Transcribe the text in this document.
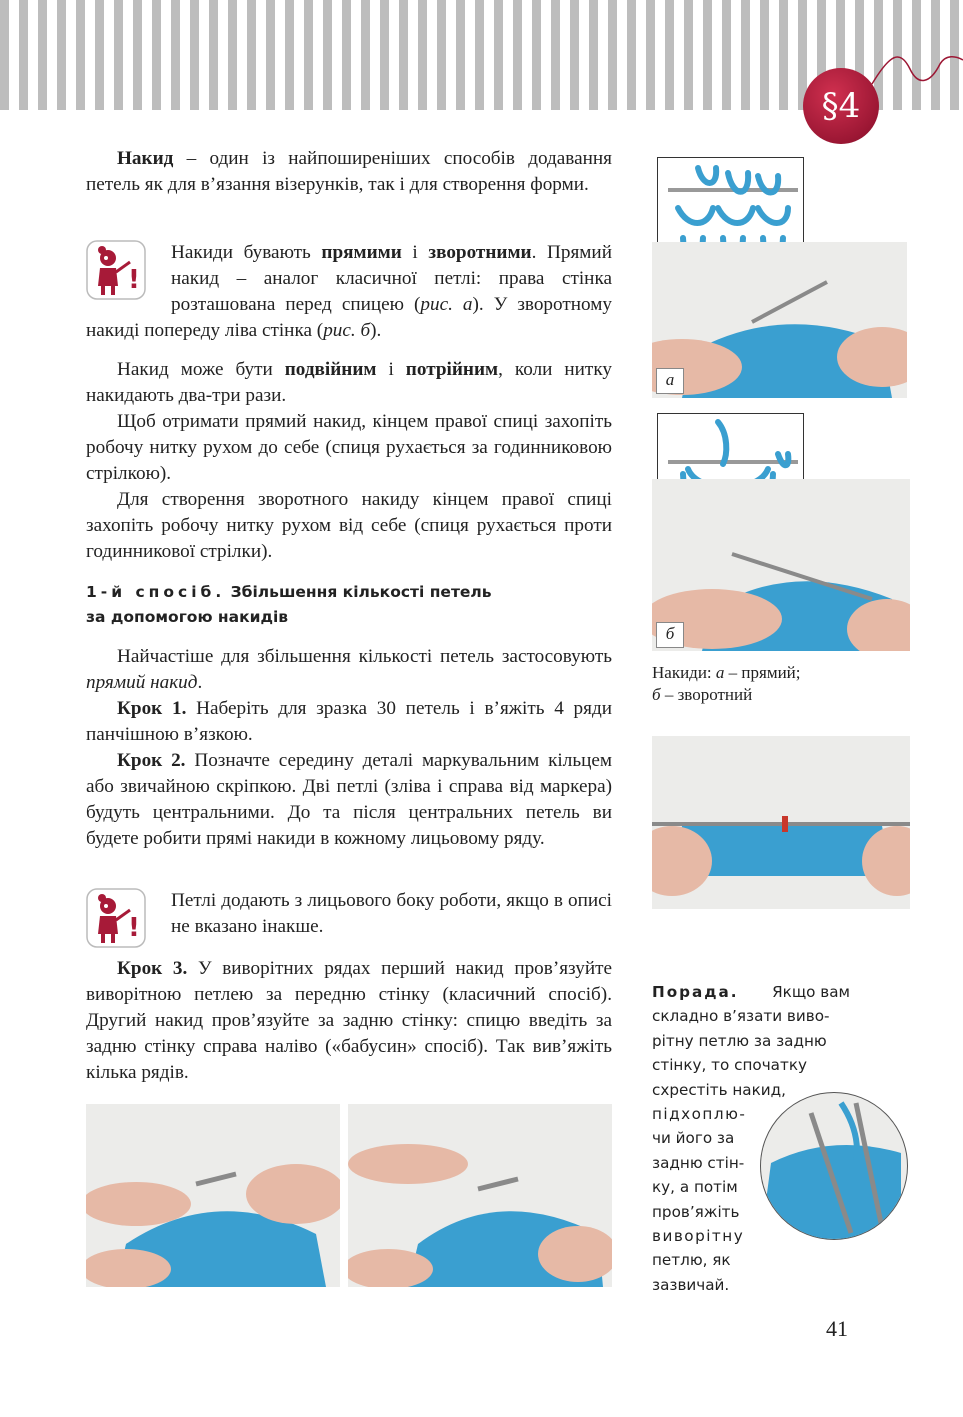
§4
Накид – один із найпоширеніших способів додавання петель як для в’язання візерунків, так і для створення форми.
!
Накиди бувають прямими і зворотними. Прямий накид – аналог класичної петлі: права стінка розташована перед спицею (рис. а). У зворотному накиді попереду ліва стінка (рис. б).
Накид може бути подвійним і потрійним, коли нитку накидають два-три рази.
Щоб отримати прямий накид, кінцем правої спиці захопіть робочу нитку рухом до себе (спиця рухається за годинниковою стрілкою).
Для створення зворотного накиду кінцем правої спиці захопіть робочу нитку рухом від себе (спиця рухається проти годинникової стрілки).
1-й спосіб. Збільшення кількості петель
за допомогою накидів
Найчастіше для збільшення кількості петель застосовують прямий накид.
Крок 1. Наберіть для зразка 30 петель і в’яжіть 4 ряди панчішною в’язкою.
Крок 2. Позначте середину деталі маркувальним кільцем або звичайною скріпкою. Дві петлі (зліва і справа від маркера) будуть центральними. До та після центральних петель ви будете робити прямі накиди в кожному лицьовому ряду.
!
Петлі додають з лицьового боку роботи, якщо в описі не вказано інакше.
Крок 3. У виворітних рядах перший накид пров’язуйте виворітною петлею за передню стінку (класичний спосіб). Другий накид пров’язуйте за задню стінку: спицю введіть за задню стінку справа наліво («бабусин» спосіб). Так вив’яжіть кілька рядів.
а
б
Накиди: а – прямий;
б – зворотний
Порада. Якщо вам
складно в’язати виво-
рітну петлю за задню
стінку, то спочатку
схрестіть накид,
підхоплю-
чи його за
задню стін-
ку, а потім
пров’яжіть
виворітну
петлю, як
зазвичай.
41
